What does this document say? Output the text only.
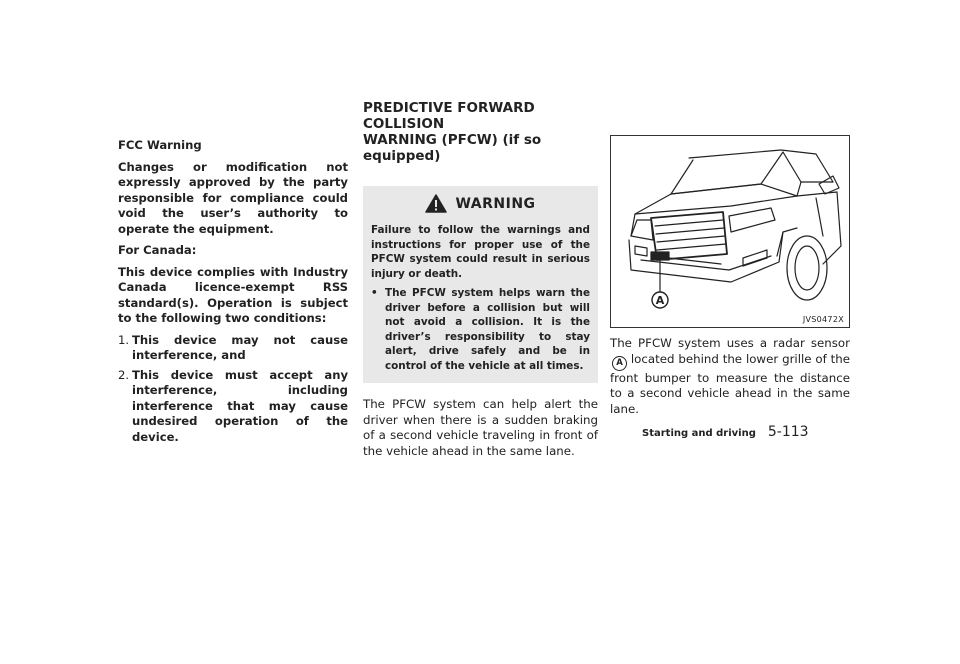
FCC Warning

Changes or modification not expressly approved by the party responsible for compliance could void the user’s authority to operate the equipment.

For Canada:

This device complies with Industry Canada licence-exempt RSS standard(s). Operation is subject to the following two conditions:

1. This device may not cause interference, and
2. This device must accept any interference, including interference that may cause undesired operation of the device.
PREDICTIVE FORWARD COLLISION
WARNING (PFCW) (if so equipped)
WARNING

Failure to follow the warnings and instructions for proper use of the PFCW system could result in serious injury or death.

• The PFCW system helps warn the driver before a collision but will not avoid a collision. It is the driver’s responsibility to stay alert, drive safely and be in control of the vehicle at all times.

The PFCW system can help alert the driver when there is a sudden braking of a second vehicle traveling in front of the vehicle ahead in the same lane.

A
JVS0472X

The PFCW system uses a radar sensor A located behind the lower grille of the front bumper to measure the distance to a second vehicle ahead in the same lane.

Starting and driving 5-113
